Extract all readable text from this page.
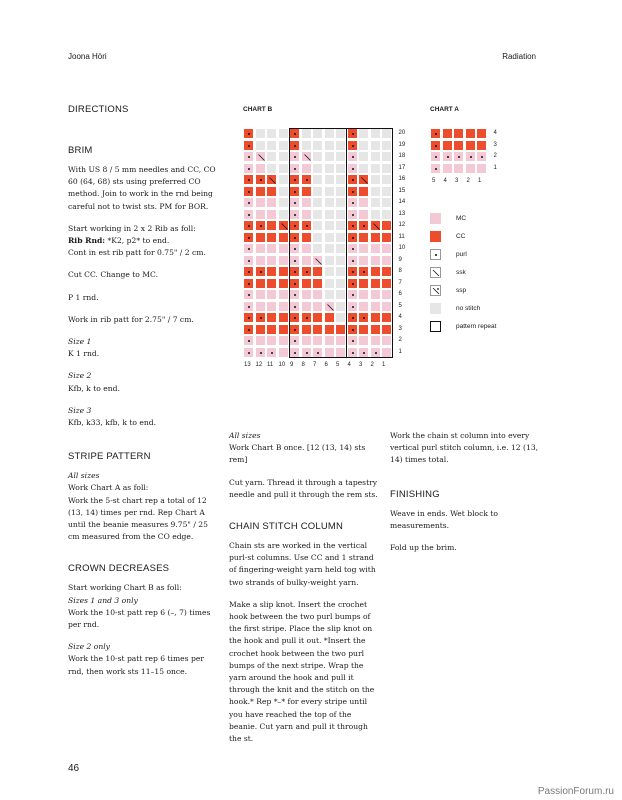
Joona Höri	Radiation
DIRECTIONS
BRIM

With US 8 / 5 mm needles and CC, CO 60 (64, 68) sts using preferred CO method. Join to work in the rnd being careful not to twist sts. PM for BOR.

Start working in 2 x 2 Rib as foll:

Rib Rnd: *K2, p2* to end.

Cont in est rib patt for 0.75" / 2 cm.

Cut CC. Change to MC.

P 1 rnd.

Work in rib patt for 2.75" / 7 cm.

Size 1

K 1 rnd.

Size 2

Kfb, k to end.

Size 3

Kfb, k33, kfb, k to end.

STRIPE PATTERN

All sizes

Work Chart A as foll:

Work the 5-st chart rep a total of 12 (13, 14) times per rnd. Rep Chart A until the beanie measures 9.75" / 25 cm measured from the CO edge.

CROWN DECREASES

Start working Chart B as foll:

Sizes 1 and 3 only

Work the 10-st patt rep 6 (–, 7) times per rnd.

Size 2 only

Work the 10-st patt rep 6 times per rnd, then work sts 11–15 once.

All sizes

Work Chart B once. [12 (13, 14) sts rem]

Cut yarn. Thread it through a tapestry needle and pull it through the rem sts.

CHAIN STITCH COLUMN

Chain sts are worked in the vertical purl-st columns. Use CC and 1 strand of fingering-weight yarn held tog with two strands of bulky-weight yarn.

Make a slip knot. Insert the crochet hook between the two purl bumps of the first stripe. Place the slip knot on the hook and pull it out. *Insert the crochet hook between the two purl bumps of the next stripe. Wrap the yarn around the hook and pull it through the knit and the stitch on the hook.* Rep *–* for every stripe until you have reached the top of the beanie. Cut yarn and pull it through the st.

Work the chain st column into every vertical purl stitch column, i.e. 12 (13, 14) times total.

FINISHING

Weave in ends. Wet block to measurements.

Fold up the brim.

CHART B
1
2
3
4
5
6
7
8
9
10
11
12
13
14
15
16
17
18
19
20
13 12 11 10 9 8 7 6 5 4 3 2 1
CHART A
1
2
3
4
5 4 3 2 1
MC
CC
purl
ssk
ssp
no stitch
pattern repeat
46
PassionForum.ru
